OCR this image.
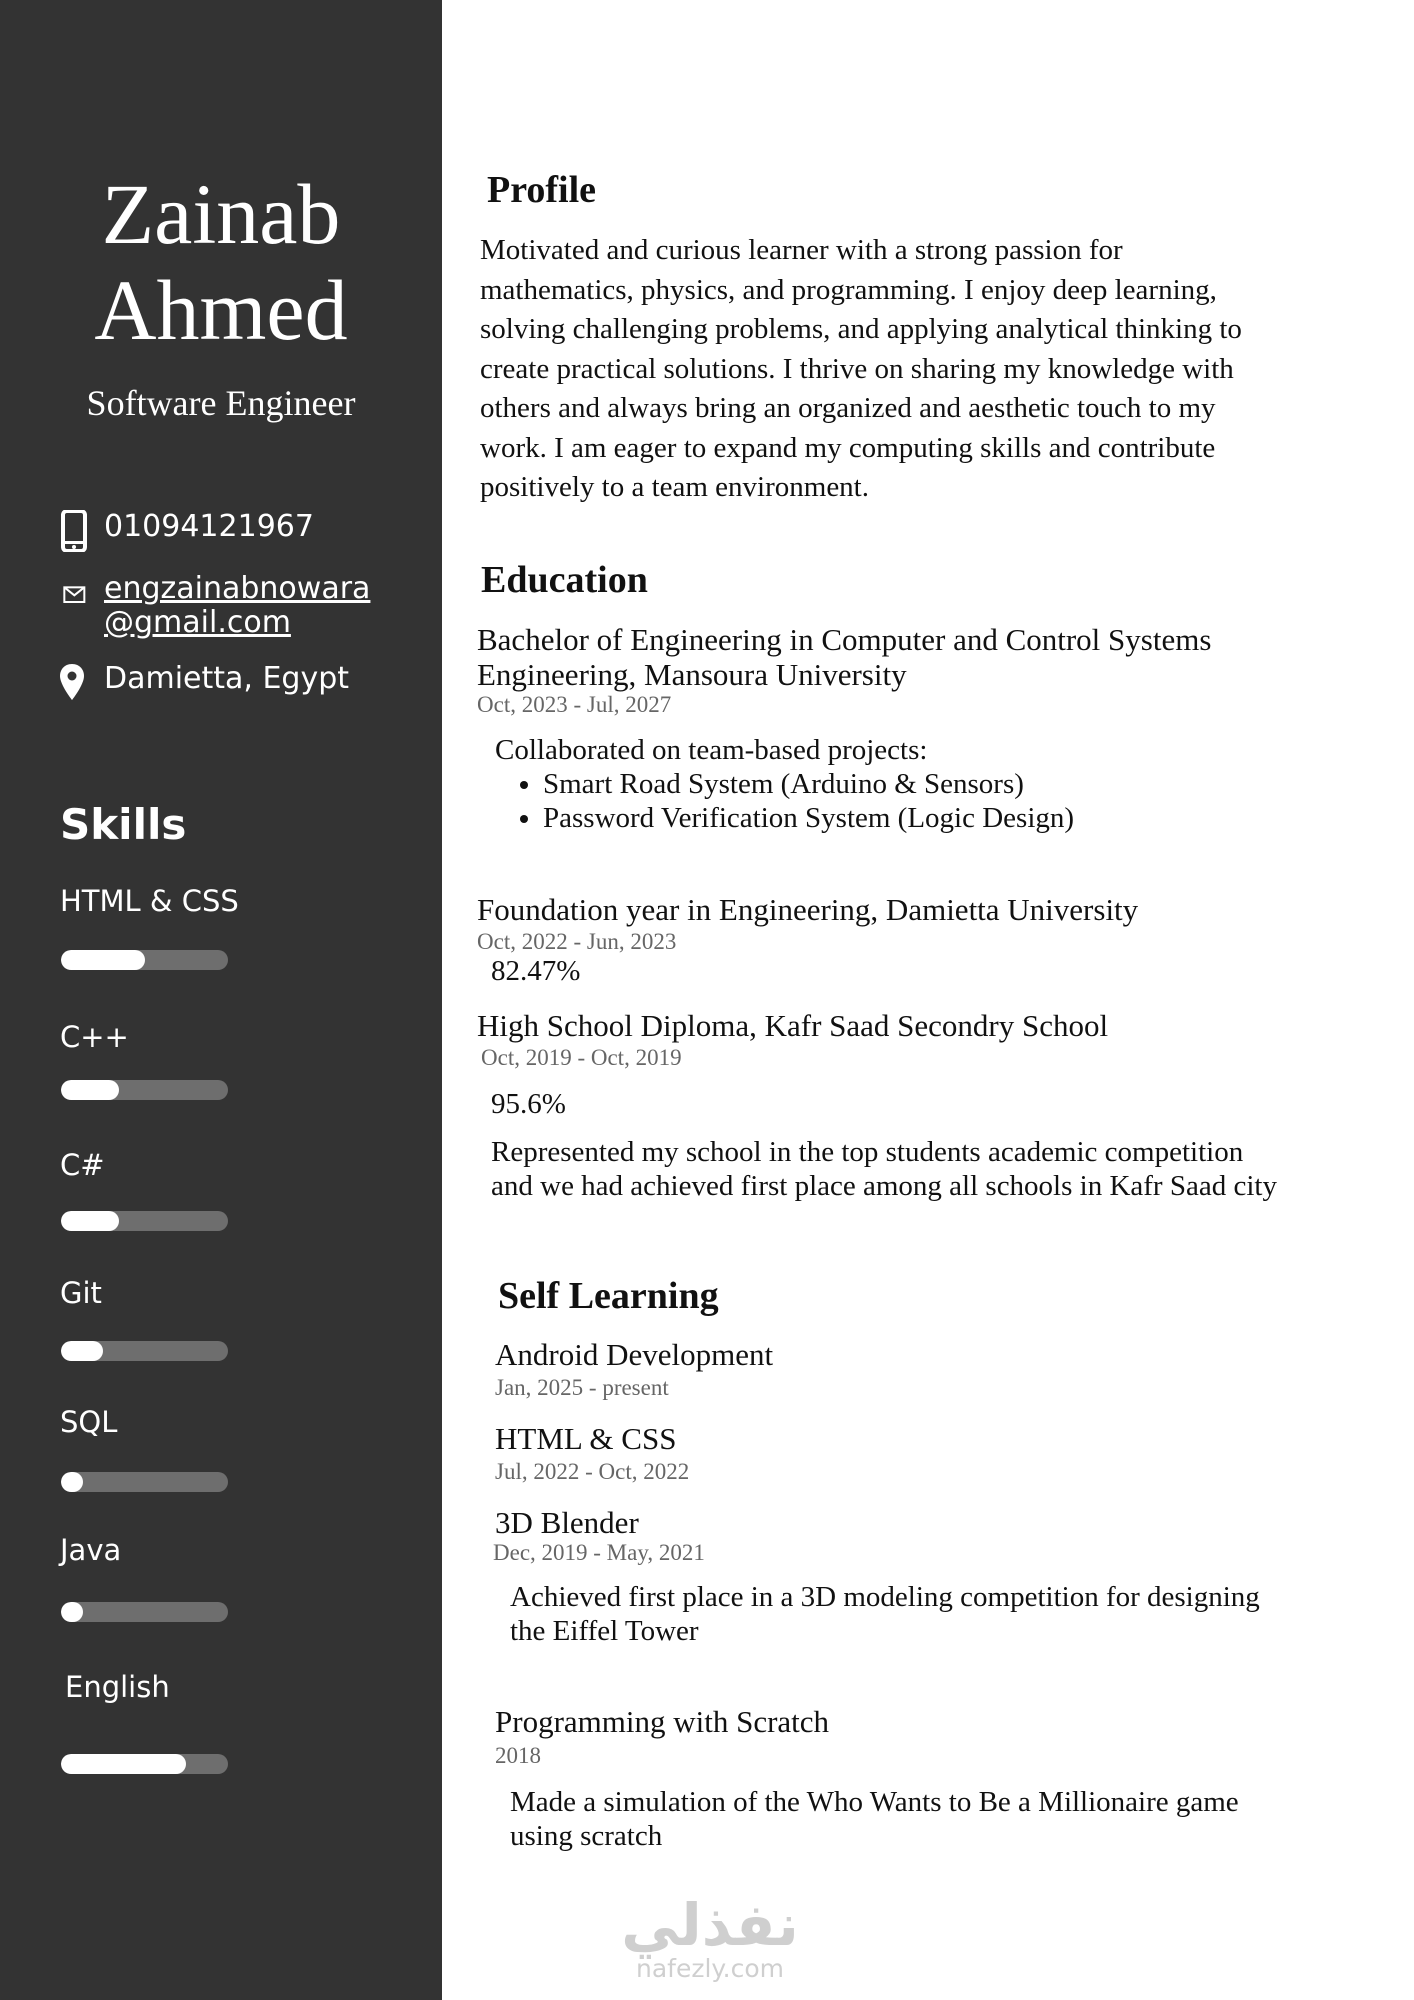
Zainab
Ahmed
Software Engineer
01094121967
engzainabnowara
@gmail.com
Damietta, Egypt
Skills
HTML & CSS
C++
C#
Git
SQL
Java
English
Profile
Motivated and curious learner with a strong passion for
mathematics, physics, and programming. I enjoy deep learning,
solving challenging problems, and applying analytical thinking to
create practical solutions. I thrive on sharing my knowledge with
others and always bring an organized and aesthetic touch to my
work. I am eager to expand my computing skills and contribute
positively to a team environment.
Education
Bachelor of Engineering in Computer and Control Systems
Engineering, Mansoura University
Oct, 2023 - Jul, 2027
Collaborated on team-based projects:
• Smart Road System (Arduino & Sensors)
• Password Verification System (Logic Design)
Foundation year in Engineering, Damietta University
Oct, 2022 - Jun, 2023
82.47%
High School Diploma, Kafr Saad Secondry School
Oct, 2019 - Oct, 2019
95.6%
Represented my school in the top students academic competition
and we had achieved first place among all schools in Kafr Saad city
Self Learning
Android Development
Jan, 2025 - present
HTML & CSS
Jul, 2022 - Oct, 2022
3D Blender
Dec, 2019 - May, 2021
Achieved first place in a 3D modeling competition for designing
the Eiffel Tower
Programming with Scratch
2018
Made a simulation of the Who Wants to Be a Millionaire game
using scratch
نفذلي
nafezly.com
